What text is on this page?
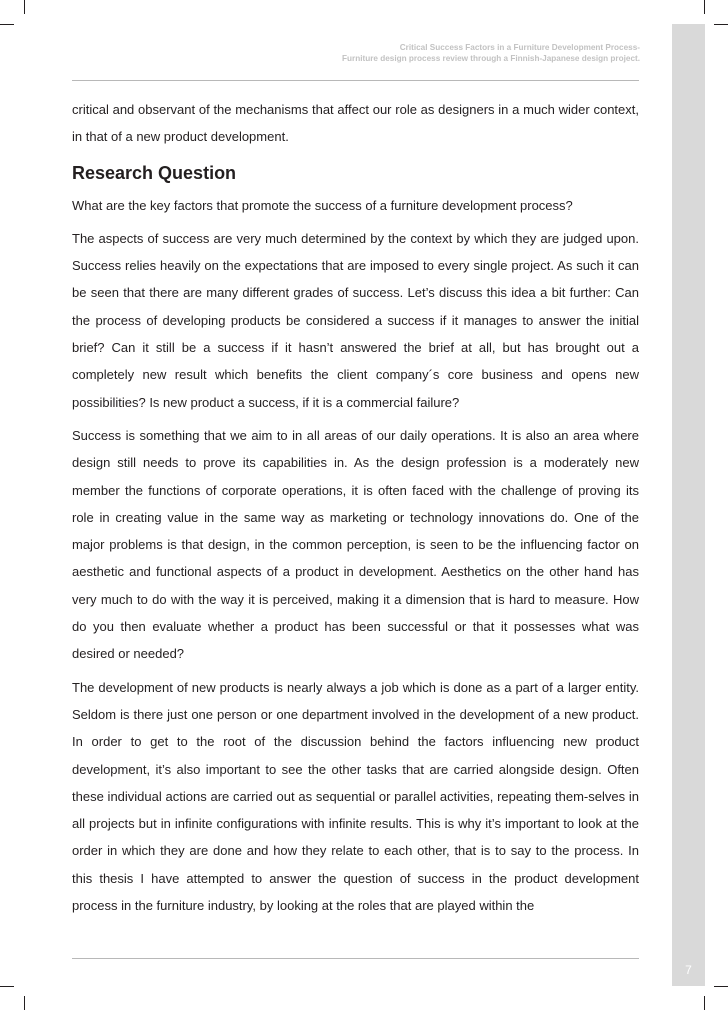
7
Critical Success Factors in a Furniture Development Process-
Furniture design process review through a Finnish-Japanese design project.

critical and observant of the mechanisms that affect our role as designers in a much wider context, in that of a new product development.

Research Question

What are the key factors that promote the success of a furniture development process?

The aspects of success are very much determined by the context by which they are judged upon. Success relies heavily on the expectations that are imposed to every single project. As such it can be seen that there are many different grades of success. Let’s discuss this idea a bit further: Can the process of developing products be considered a success if it manages to answer the initial brief? Can it still be a success if it hasn’t answered the brief at all, but has brought out a completely new result which benefits the client company´s core business and opens new possibilities? Is new product a success, if it is a commercial failure?

Success is something that we aim to in all areas of our daily operations. It is also an area where design still needs to prove its capabilities in. As the design profession is a moderately new member the functions of corporate operations, it is often faced with the challenge of proving its role in creating value in the same way as marketing or technology innovations do. One of the major problems is that design, in the common perception, is seen to be the influencing factor on aesthetic and functional aspects of a product in development. Aesthetics on the other hand has very much to do with the way it is perceived, making it a dimension that is hard to measure. How do you then evaluate whether a product has been successful or that it possesses what was desired or needed?

The development of new products is nearly always a job which is done as a part of a larger entity. Seldom is there just one person or one department involved in the development of a new product. In order to get to the root of the discussion behind the factors influencing new product development, it’s also important to see the other tasks that are carried alongside design. Often these individual actions are carried out as sequential or parallel activities, repeating them-selves in all projects but in infinite configurations with infinite results. This is why it’s important to look at the order in which they are done and how they relate to each other, that is to say to the process. In this thesis I have attempted to answer the question of success in the product development process in the furniture industry, by looking at the roles that are played within the
